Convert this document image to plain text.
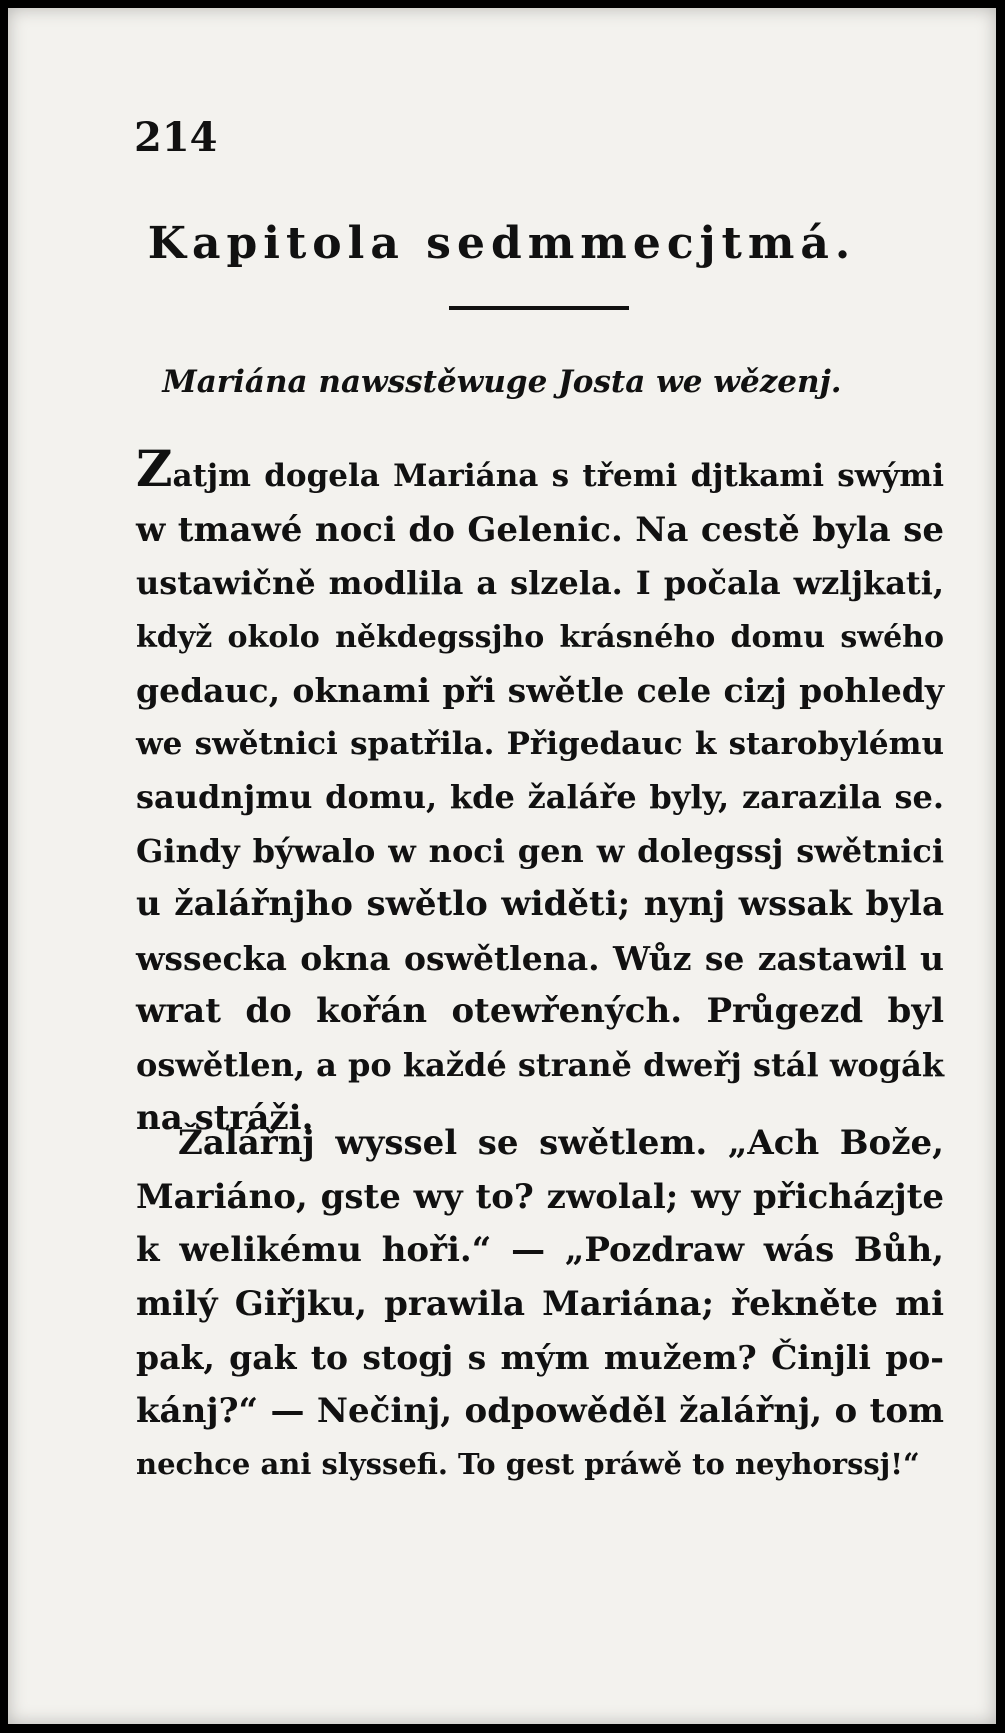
214
Kapitola sedmmecjtmá.
Mariána nawsstěwuge Josta we wězenj.
Zatjm dogela Mariána s třemi djtkami swými
w tmawé noci do Gelenic. Na cestě byla se
ustawičně modlila a slzela. I počala wzljkati,
když okolo někdegssjho krásného domu swého
gedauc, oknami při swětle cele cizj pohledy
we swětnici spatřila. Přigedauc k starobylému
saudnjmu domu, kde žaláře byly, zarazila se.
Gindy býwalo w noci gen w dolegssj swětnici
u žalářnjho swětlo widěti; nynj wssak byla
wssecka okna oswětlena. Wůz se zastawil u
wrat do kořán otewřených. Průgezd byl
oswětlen, a po každé straně dweřj stál wogák
na stráži.
Žalářnj wyssel se swětlem. „Ach Bože,
Mariáno, gste wy to? zwolal; wy přicházjte
k welikému hoři.“ — „Pozdraw wás Bůh,
milý Giřjku, prawila Mariána; řekněte mi
pak, gak to stogj s mým mužem? Činjli po-
kánj?“ — Nečinj, odpowěděl žalářnj, o tom
nechce ani slyssefi. To gest práwě to neyhorssj!“
